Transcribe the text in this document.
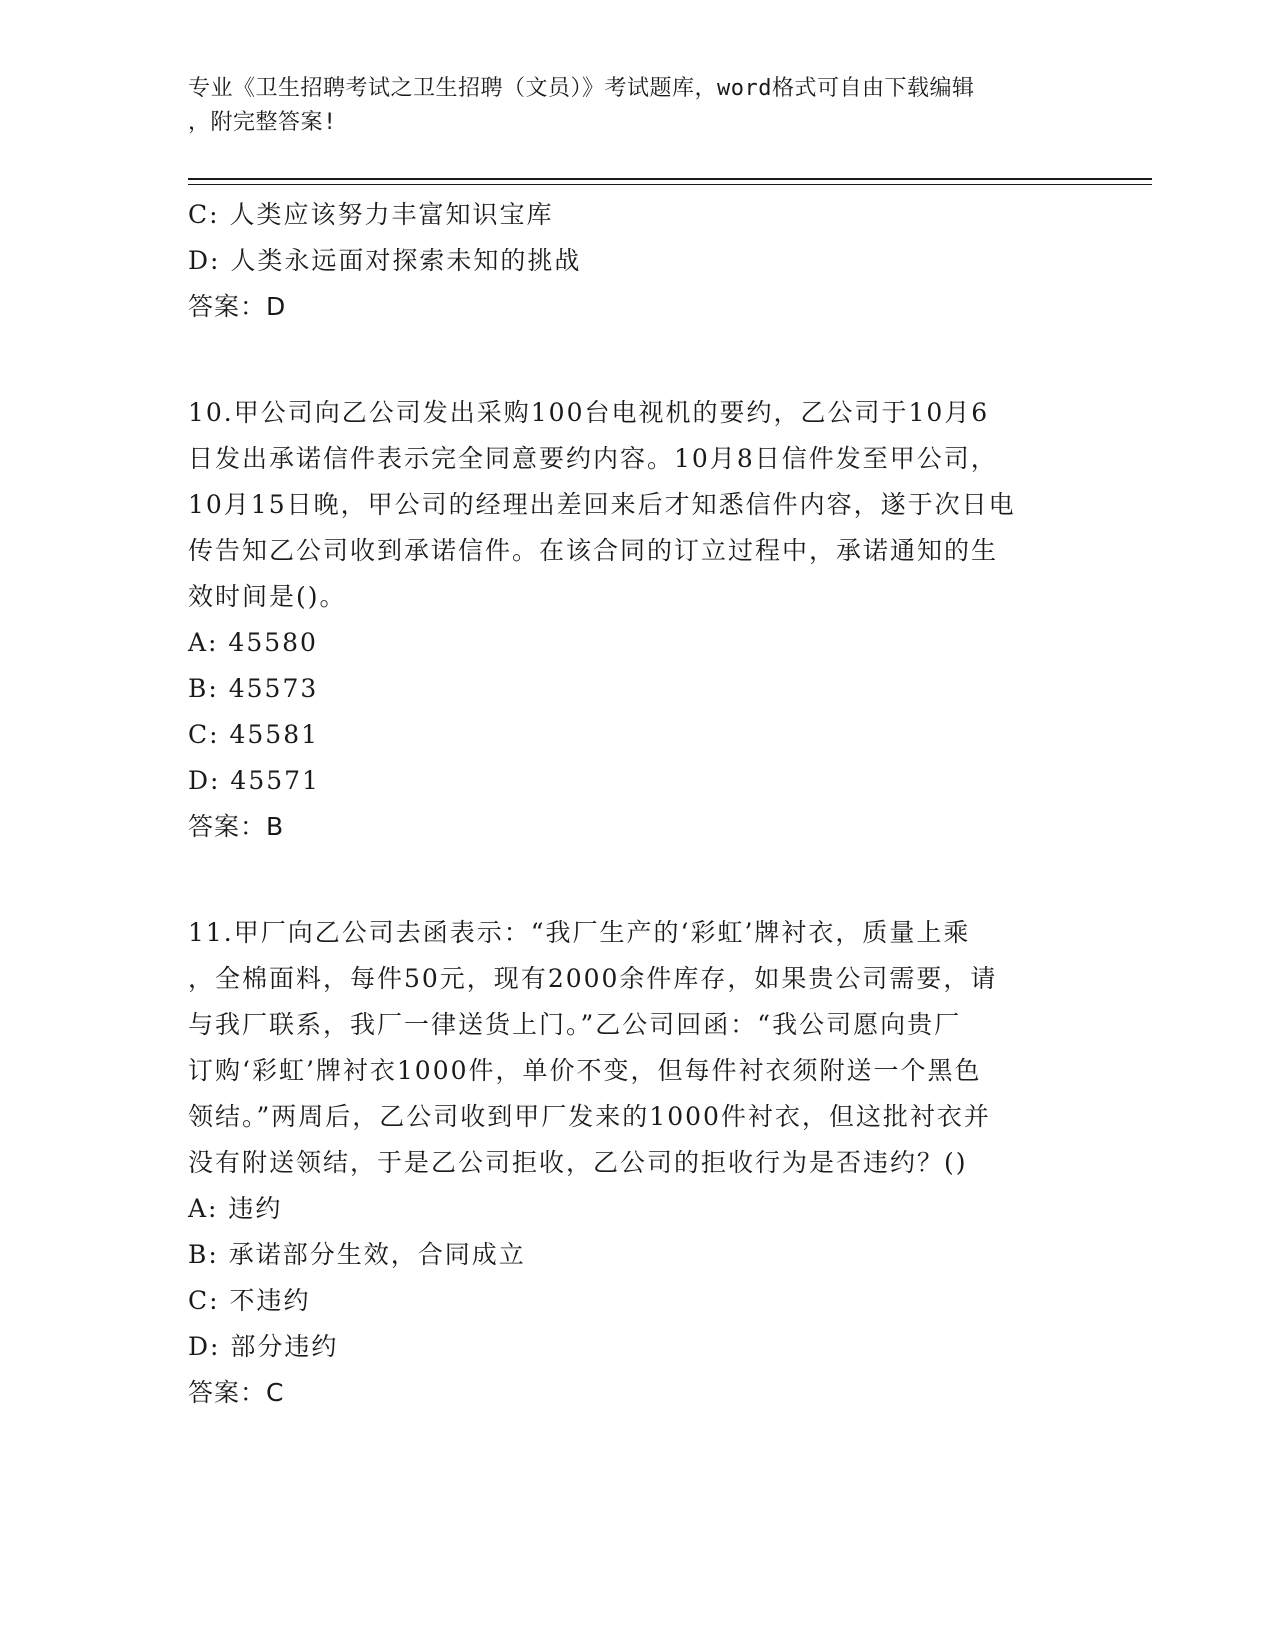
专业《卫生招聘考试之卫生招聘（文员）》考试题库，word格式可自由下载编辑
，附完整答案!
C: 人类应该努力丰富知识宝库
D: 人类永远面对探索未知的挑战
答案：D
10.甲公司向乙公司发出采购100台电视机的要约，乙公司于10月6
日发出承诺信件表示完全同意要约内容。10月8日信件发至甲公司，
10月15日晚，甲公司的经理出差回来后才知悉信件内容，遂于次日电
传告知乙公司收到承诺信件。在该合同的订立过程中，承诺通知的生
效时间是()。
A: 45580
B: 45573
C: 45581
D: 45571
答案：B
11.甲厂向乙公司去函表示：“我厂生产的‘彩虹’牌衬衣，质量上乘
，全棉面料，每件50元，现有2000余件库存，如果贵公司需要，请
与我厂联系，我厂一律送货上门。”乙公司回函：“我公司愿向贵厂
订购‘彩虹’牌衬衣1000件，单价不变，但每件衬衣须附送一个黑色
领结。”两周后，乙公司收到甲厂发来的1000件衬衣，但这批衬衣并
没有附送领结，于是乙公司拒收，乙公司的拒收行为是否违约？()
A: 违约
B: 承诺部分生效，合同成立
C: 不违约
D: 部分违约
答案：C
